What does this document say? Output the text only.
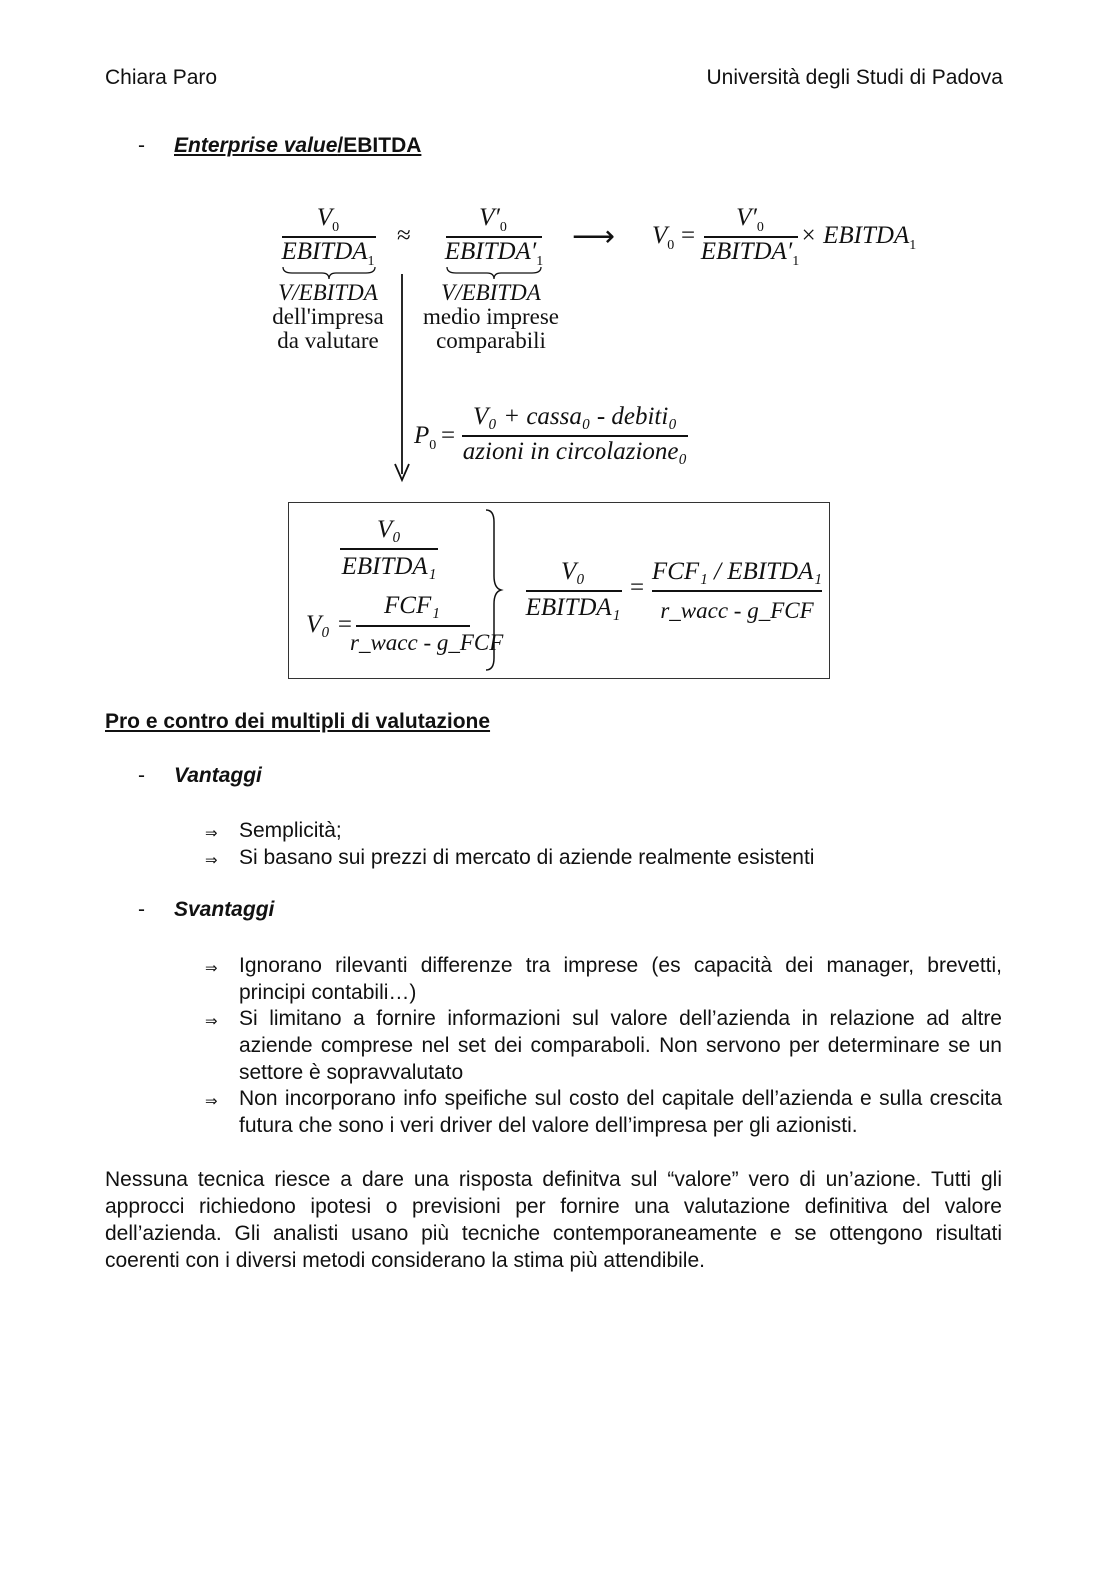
Chiara Paro	Università degli Studi di Padova
- Enterprise value/EBITDA
$V_0$
$EBITDA_1$
≈
$V'_0$
$EBITDA'_1$
⟶ $V_0$ =
$V'_0$
$EBITDA'_1$
× $EBITDA_1$
V/EBITDA
dell'impresa
da valutare
V/EBITDA
medio imprese
comparabili
$P_0$ =
V₀ + cassa₀ - debiti₀
azioni in circolazione₀
V₀
EBITDA₁
V₀ =
FCF₁
r_wacc - g_FCF
V₀
EBITDA₁
=
FCF₁ / EBITDA₁
r_wacc - g_FCF
Pro e contro dei multipli di valutazione
- Vantaggi
⇒ Semplicità;
⇒ Si basano sui prezzi di mercato di aziende realmente esistenti
- Svantaggi
⇒ Ignorano rilevanti differenze tra imprese (es capacità dei manager, brevetti, principi contabili…)
⇒ Si limitano a fornire informazioni sul valore dell’azienda in relazione ad altre aziende comprese nel set dei comparaboli. Non servono per determinare se un settore è sopravvalutato
⇒ Non incorporano info speifiche sul costo del capitale dell’azienda e sulla crescita futura che sono i veri driver del valore dell’impresa per gli azionisti.
Nessuna tecnica riesce a dare una risposta definitva sul “valore” vero di un’azione. Tutti gli approcci richiedono ipotesi o previsioni per fornire una valutazione definitiva del valore dell’azienda. Gli analisti usano più tecniche contemporaneamente e se ottengono risultati coerenti con i diversi metodi considerano la stima più attendibile.
